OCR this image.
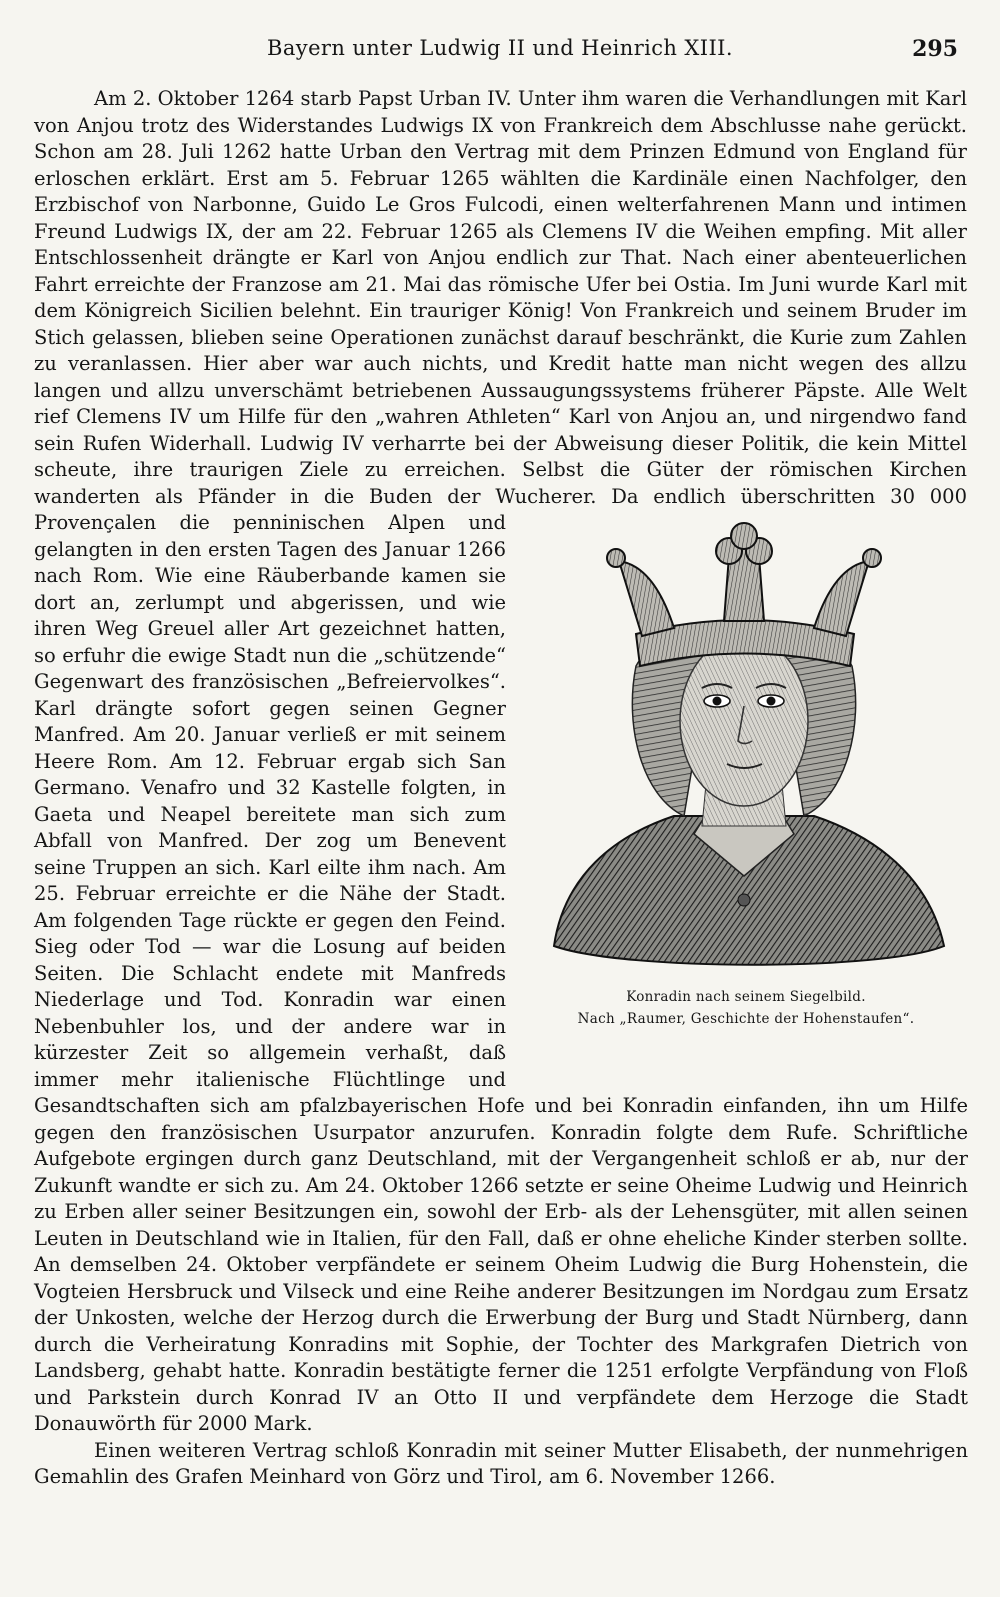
Bayern unter Ludwig II und Heinrich XIII.	295
Konradin nach seinem Siegelbild.
Nach „Raumer, Geschichte der Hohenstaufen“.

Am 2. Oktober 1264 starb Papst Urban IV. Unter ihm waren die Verhandlungen mit Karl von Anjou trotz des Widerstandes Ludwigs IX von Frankreich dem Abschlusse nahe gerückt. Schon am 28. Juli 1262 hatte Urban den Vertrag mit dem Prinzen Edmund von England für erloschen erklärt. Erst am 5. Februar 1265 wählten die Kardinäle einen Nachfolger, den Erzbischof von Narbonne, Guido Le Gros Fulcodi, einen welterfahrenen Mann und intimen Freund Ludwigs IX, der am 22. Februar 1265 als Clemens IV die Weihen empfing. Mit aller Entschlossenheit drängte er Karl von Anjou endlich zur That. Nach einer abenteuerlichen Fahrt erreichte der Franzose am 21. Mai das römische Ufer bei Ostia. Im Juni wurde Karl mit dem Königreich Sicilien belehnt. Ein trauriger König! Von Frankreich und seinem Bruder im Stich gelassen, blieben seine Operationen zunächst darauf beschränkt, die Kurie zum Zahlen zu veranlassen. Hier aber war auch nichts, und Kredit hatte man nicht wegen des allzu langen und allzu unverschämt betriebenen Aussaugungssystems früherer Päpste. Alle Welt rief Clemens IV um Hilfe für den „wahren Athleten“ Karl von Anjou an, und nirgendwo fand sein Rufen Widerhall. Ludwig IV verharrte bei der Abweisung dieser Politik, die kein Mittel scheute, ihre traurigen Ziele zu erreichen. Selbst die Güter der römischen Kirchen wanderten als Pfänder in die Buden der Wucherer. Da endlich überschritten 30 000 Provençalen die penninischen Alpen und gelangten in den ersten Tagen des Januar 1266 nach Rom. Wie eine Räuberbande kamen sie dort an, zerlumpt und abgerissen, und wie ihren Weg Greuel aller Art gezeichnet hatten, so erfuhr die ewige Stadt nun die „schützende“ Gegenwart des französischen „Befreiervolkes“. Karl drängte sofort gegen seinen Gegner Manfred. Am 20. Januar verließ er mit seinem Heere Rom. Am 12. Februar ergab sich San Germano. Venafro und 32 Kastelle folgten, in Gaeta und Neapel bereitete man sich zum Abfall von Manfred. Der zog um Benevent seine Truppen an sich. Karl eilte ihm nach. Am 25. Februar erreichte er die Nähe der Stadt. Am folgenden Tage rückte er gegen den Feind. Sieg oder Tod — war die Losung auf beiden Seiten. Die Schlacht endete mit Manfreds Niederlage und Tod. Konradin war einen Nebenbuhler los, und der andere war in kürzester Zeit so allgemein verhaßt, daß immer mehr italienische Flüchtlinge und Gesandtschaften sich am pfalzbayerischen Hofe und bei Konradin einfanden, ihn um Hilfe gegen den französischen Usurpator anzurufen. Konradin folgte dem Rufe. Schriftliche Aufgebote ergingen durch ganz Deutschland, mit der Vergangenheit schloß er ab, nur der Zukunft wandte er sich zu. Am 24. Oktober 1266 setzte er seine Oheime Ludwig und Heinrich zu Erben aller seiner Besitzungen ein, sowohl der Erb- als der Lehensgüter, mit allen seinen Leuten in Deutschland wie in Italien, für den Fall, daß er ohne eheliche Kinder sterben sollte. An demselben 24. Oktober verpfändete er seinem Oheim Ludwig die Burg Hohenstein, die Vogteien Hersbruck und Vilseck und eine Reihe anderer Besitzungen im Nordgau zum Ersatz der Unkosten, welche der Herzog durch die Erwerbung der Burg und Stadt Nürnberg, dann durch die Verheiratung Konradins mit Sophie, der Tochter des Markgrafen Dietrich von Landsberg, gehabt hatte. Konradin bestätigte ferner die 1251 erfolgte Verpfändung von Floß und Parkstein durch Konrad IV an Otto II und verpfändete dem Herzoge die Stadt Donauwörth für 2000 Mark.

Einen weiteren Vertrag schloß Konradin mit seiner Mutter Elisabeth, der nunmehrigen Gemahlin des Grafen Meinhard von Görz und Tirol, am 6. November 1266.
